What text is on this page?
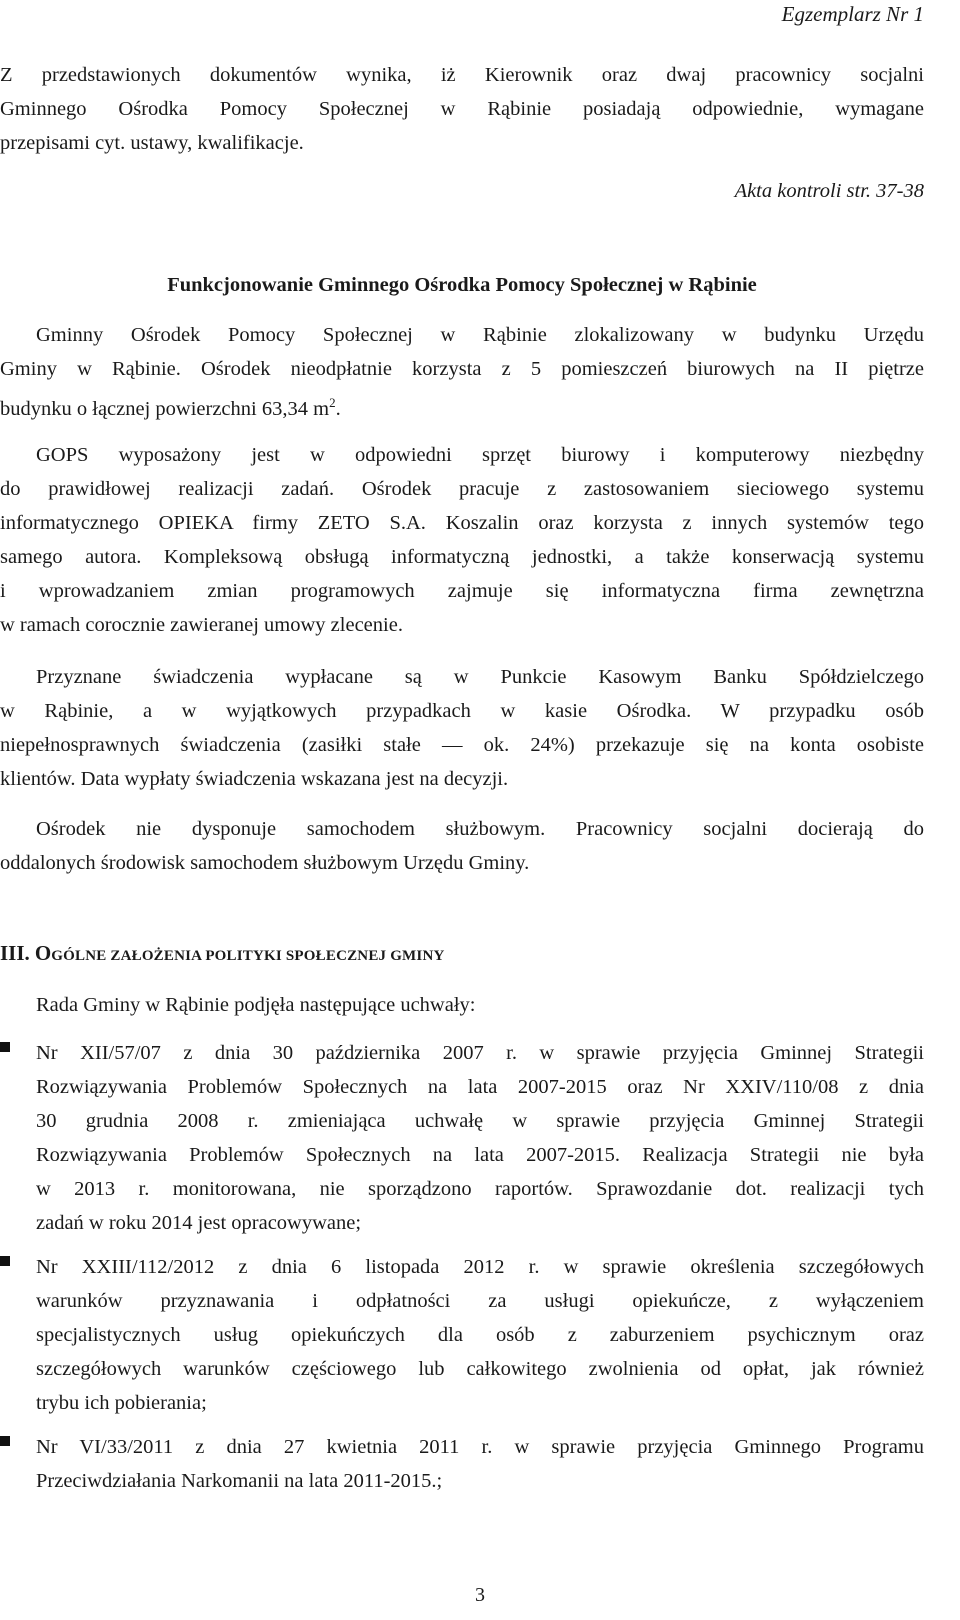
Egzemplarz Nr 1
Z przedstawionych dokumentów wynika, iż Kierownik oraz dwaj pracownicy socjalni
Gminnego Ośrodka Pomocy Społecznej w Rąbinie posiadają odpowiednie, wymagane
przepisami cyt. ustawy, kwalifikacje.
Akta kontroli str. 37-38
Funkcjonowanie Gminnego Ośrodka Pomocy Społecznej w Rąbinie
Gminny Ośrodek Pomocy Społecznej w Rąbinie zlokalizowany w budynku Urzędu
Gminy w Rąbinie. Ośrodek nieodpłatnie korzysta z 5 pomieszczeń biurowych na II piętrze
budynku o łącznej powierzchni 63,34 $m^2$.
GOPS wyposażony jest w odpowiedni sprzęt biurowy i komputerowy niezbędny
do prawidłowej realizacji zadań. Ośrodek pracuje z zastosowaniem sieciowego systemu
informatycznego OPIEKA firmy ZETO S.A. Koszalin oraz korzysta z innych systemów tego
samego autora. Kompleksową obsługą informatyczną jednostki, a także konserwacją systemu
i wprowadzaniem zmian programowych zajmuje się informatyczna firma zewnętrzna
w ramach corocznie zawieranej umowy zlecenie.
Przyznane świadczenia wypłacane są w Punkcie Kasowym Banku Spółdzielczego
w Rąbinie, a w wyjątkowych przypadkach w kasie Ośrodka. W przypadku osób
niepełnosprawnych świadczenia (zasiłki stałe — ok. 24%) przekazuje się na konta osobiste
klientów. Data wypłaty świadczenia wskazana jest na decyzji.
Ośrodek nie dysponuje samochodem służbowym. Pracownicy socjalni docierają do
oddalonych środowisk samochodem służbowym Urzędu Gminy.
III. OGÓLNE ZAŁOŻENIA POLITYKI SPOŁECZNEJ GMINY
Rada Gminy w Rąbinie podjęła następujące uchwały:
Nr XII/57/07 z dnia 30 października 2007 r. w sprawie przyjęcia Gminnej Strategii
Rozwiązywania Problemów Społecznych na lata 2007-2015 oraz Nr XXIV/110/08 z dnia
30 grudnia 2008 r. zmieniająca uchwałę w sprawie przyjęcia Gminnej Strategii
Rozwiązywania Problemów Społecznych na lata 2007-2015. Realizacja Strategii nie była
w 2013 r. monitorowana, nie sporządzono raportów. Sprawozdanie dot. realizacji tych
zadań w roku 2014 jest opracowywane;
Nr XXIII/112/2012 z dnia 6 listopada 2012 r. w sprawie określenia szczegółowych
warunków przyznawania i odpłatności za usługi opiekuńcze, z wyłączeniem
specjalistycznych usług opiekuńczych dla osób z zaburzeniem psychicznym oraz
szczegółowych warunków częściowego lub całkowitego zwolnienia od opłat, jak również
trybu ich pobierania;
Nr VI/33/2011 z dnia 27 kwietnia 2011 r. w sprawie przyjęcia Gminnego Programu
Przeciwdziałania Narkomanii na lata 2011-2015.;
3
